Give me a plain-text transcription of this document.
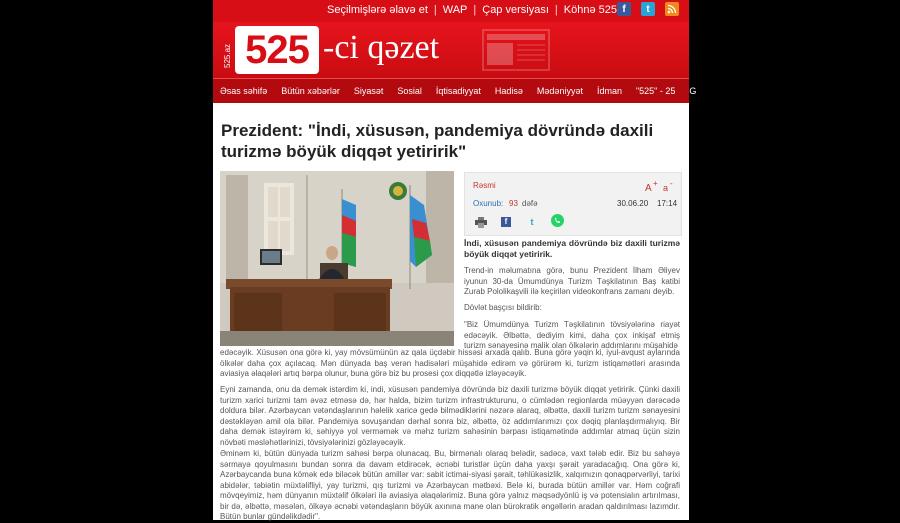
Seçilmişlərə əlavə et | WAP | Çap versiyası | Köhnə 525 f	t
525.az 525 -ci qəzet
Əsas səhifə	Bütün xəbərlər	Siyasət	Sosial	İqtisadiyyat	Hadisə	Mədəniyyət	İdman	"525" - 25	G
Prezident: "İndi, xüsusən, pandemiya dövründə daxili turizmə böyük diqqət yetiririk"
Rəsmi	A + a -
Oxunub: 93 dəfə	30.06.20 17:14
f	t
İndi, xüsusən pandemiya dövründə biz daxili turizmə böyük diqqət yetiririk.
Trend-in məlumatına görə, bunu Prezident İlham Əliyev iyunun 30-da Ümumdünya Turizm Təşkilatının Baş katibi Zurab Pololikaşvili ilə keçirilən videokonfrans zamanı deyib.
Dövlət başçısı bildirib:
"Biz Ümumdünya Turizm Təşkilatının tövsiyələrinə riayət edəcəyik. Əlbəttə, dediyim kimi, daha çox inkişaf etmiş turizm sənayesinə malik olan ölkələrin addımlarını müşahidə
edəcəyik. Xüsusən ona görə ki, yay mövsümünün az qala üçdəbir hissəsi arxada qalıb. Buna görə yəqin ki, iyul-avqust aylarında ölkələr daha çox açılacaq. Mən dünyada baş verən hadisələri müşahidə edirəm və görürəm ki, turizm istiqamətləri arasında aviasiya əlaqələri artıq bərpa olunur, buna görə biz bu prosesi çox diqqətlə izləyəcəyik.
Eyni zamanda, onu da demək istərdim ki, indi, xüsusən pandemiya dövründə biz daxili turizmə böyük diqqət yetiririk. Çünki daxili turizm xarici turizmi tam əvəz etməsə də, hər halda, bizim turizm infrastrukturunu, o cümlədən regionlarda müəyyən dərəcədə doldura bilər. Azərbaycan vətəndaşlarının həlelik xaricə gedə bilmədiklərini nəzərə alaraq, əlbəttə, daxili turizm turizm sənayesini dəstəkləyən amil ola bilər. Pandemiya sovuşandan dərhal sonra biz, əlbəttə, öz addımlarımızı çox dəqiq planlaşdırmalıyıq. Bir daha demək istəyirəm ki, səhiyyə yol verməmək və məhz turizm sahəsinin bərpası istiqamətində addımlar atmaq üçün sizin növbəti məsləhətlərinizi, tövsiyələrinizi gözləyəcəyik.
Əminəm ki, bütün dünyada turizm sahəsi bərpa olunacaq. Bu, birmənalı olaraq belədir, sadəcə, vaxt tələb edir. Biz bu sahəyə sərmayə qoyulmasını bundan sonra da davam etdirəcək, əcnəbi turistlər üçün daha yaxşı şərait yaradacağıq. Ona görə ki, Azərbaycanda buna kömək edə biləcək bütün amillər var: sabit ictimai-siyasi şərait, təhlükəsizlik, xalqımızın qonaqpərvərliyi, tarixi abidələr, təbiətin müxtəlifliyi, yay turizmi, qış turizmi və Azərbaycan mətbəxi. Belə ki, burada bütün amillər var. Həm coğrafi mövqeyimiz, həm dünyanın müxtəlif ölkələri ilə aviasiya əlaqələrimiz. Buna görə yalnız məqsədyönlü iş və potensialın artırılması, bir də, əlbəttə, məsələn, ölkəyə əcnəbi vətəndaşların böyük axınına mane olan bürokratik əngəllərin aradan qaldırılması lazımdır. Bütün bunlar gündəlikdədir".
